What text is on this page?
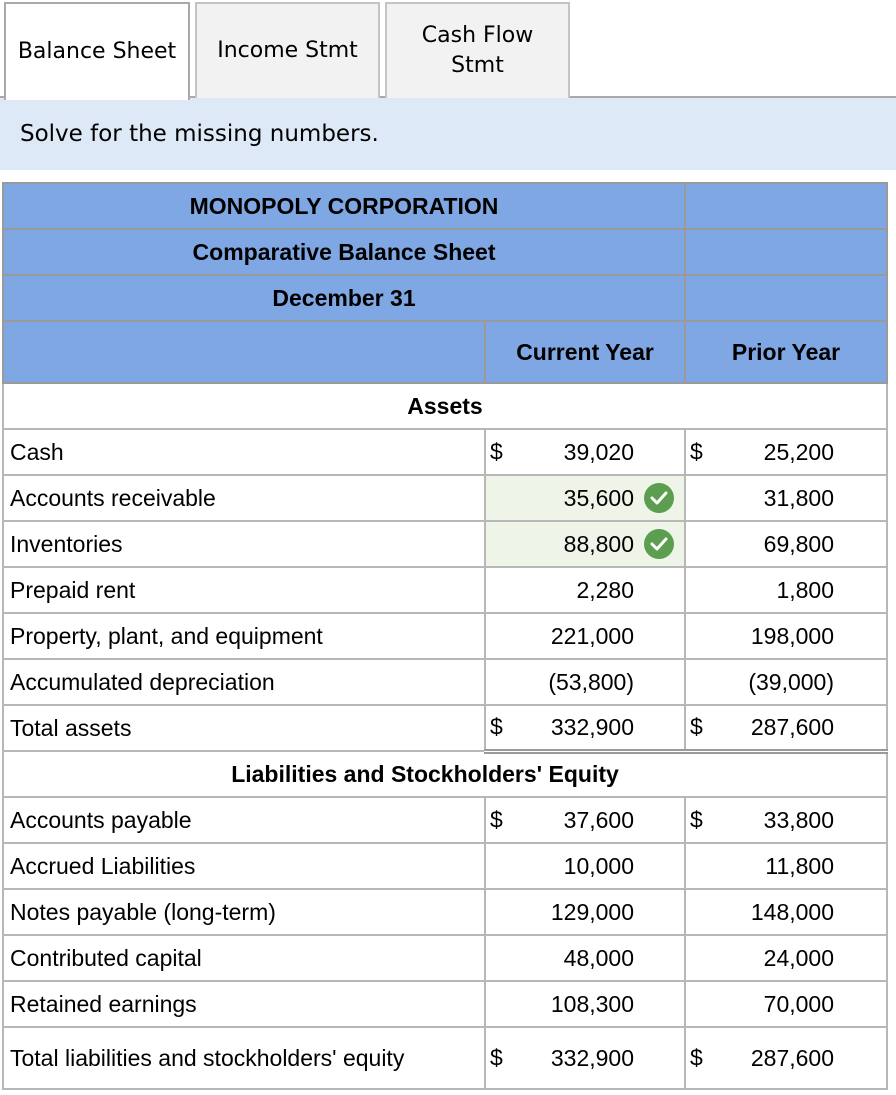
Balance Sheet Income Stmt
Cash Flow Stmt
Solve for the missing numbers.
MONOPOLY CORPORATION		
Comparative Balance Sheet		
December 31		
	Current Year	Prior Year
Assets		
Cash	$ 39,020	$ 25,200
Accounts receivable	35,600	31,800
Inventories	88,800	69,800
Prepaid rent	2,280	1,800
Property, plant, and equipment	221,000	198,000
Accumulated depreciation	(53,800)	(39,000)
Total assets	$ 332,900	$ 287,600
Liabilities and Stockholders' Equity		
Accounts payable	$ 37,600	$ 33,800
Accrued Liabilities	10,000	11,800
Notes payable (long-term)	129,000	148,000
Contributed capital	48,000	24,000
Retained earnings	108,300	70,000
Total liabilities and stockholders' equity	$ 332,900	$ 287,600
